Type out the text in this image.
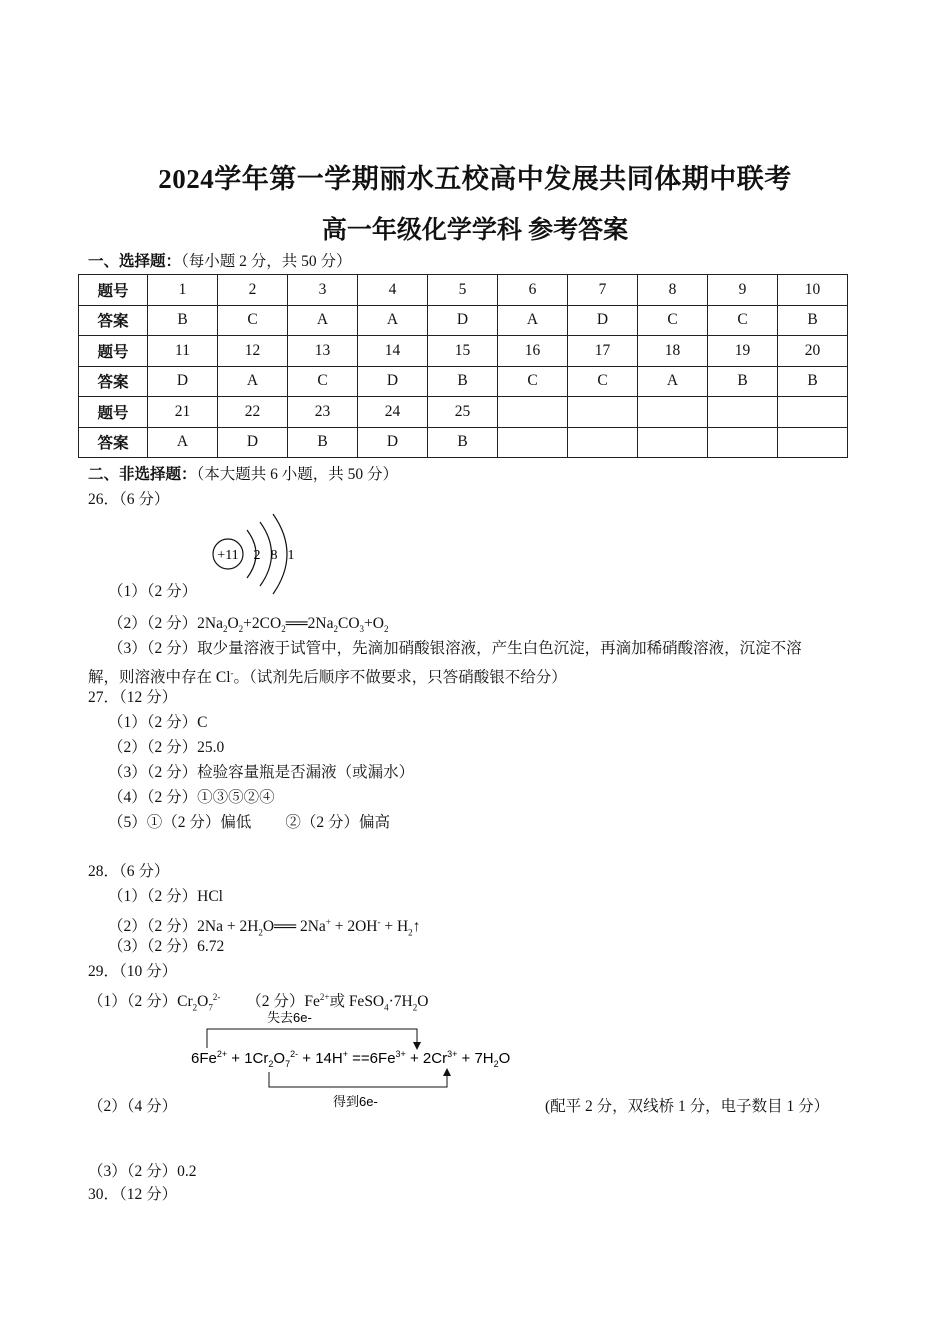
2024学年第一学期丽水五校高中发展共同体期中联考
高一年级化学学科 参考答案
一、选择题：（每小题 2 分，共 50 分）
题号	1	2	3	4	5	6	7	8	9	10
答案	B	C	A	A	D	A	D	C	C	B
题号	11	12	13	14	15	16	17	18	19	20
答案	D	A	C	D	B	C	C	A	B	B
题号	21	22	23	24	25					
答案	A	D	B	D	B					
二、非选择题：（本大题共 6 小题，共 50 分）
26．（6 分）
+11 2 8 1
（1）（2 分）
（2）（2 分）$2Na_2O_2+2CO_2══2Na_2CO_3+O_2$
（3）（2 分）取少量溶液于试管中，先滴加硝酸银溶液，产生白色沉淀，再滴加稀硝酸溶液，沉淀不溶
解，则溶液中存在 Cl-。（试剂先后顺序不做要求，只答硝酸银不给分）
27．（12 分）
（1）（2 分）C
（2）（2 分）25.0
（3）（2 分）检验容量瓶是否漏液（或漏水）
（4）（2 分）①③⑤②④
（5）①（2 分）偏低 ②（2 分）偏高
28．（6 分）
（1）（2 分）HCl
（2）（2 分）$2Na + 2H_2O══$ $2Na^+ + 2OH^- + H_2↑$
（3）（2 分）6.72
29．（10 分）
（1）（2 分）$Cr_2O_7^{2-}$ （2 分）$Fe^{2+}$或 $FeSO_4\cdot 7H_2O$
失去6e-
$6Fe^{2+} + 1Cr_2O_7^{2-} + 14H^+ ==6Fe^{3+} + 2Cr^{3+} + 7H_2O$
得到6e-
（2）（4 分）	(配平 2 分，双线桥 1 分，电子数目 1 分）
（3）（2 分）0.2
30．（12 分）
